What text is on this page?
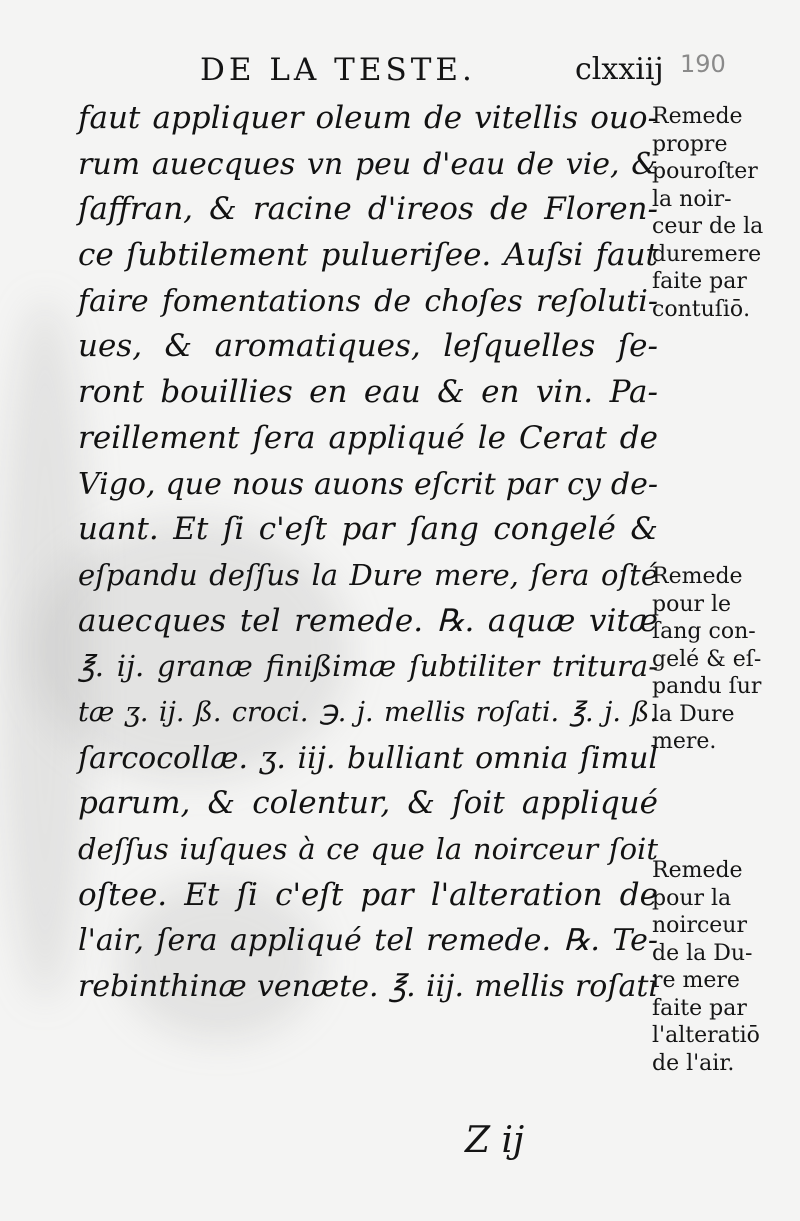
DE LA TESTE.	clxxiij 190
faut appliquer oleum de vitellis ouo-
rum auecques vn peu d'eau de vie, &
ſaffran, & racine d'ireos de Floren-
ce ſubtilement pulueriſee. Auſsi faut
faire fomentations de choſes reſoluti-
ues, & aromatiques, leſquelles ſe-
ront bouillies en eau & en vin. Pa-
reillement ſera appliqué le Cerat de
Vigo, que nous auons eſcrit par cy de-
uant. Et ſi c'eſt par ſang congelé &
eſpandu deſſus la Dure mere, ſera oſté
auecques tel remede. ℞. aquæ vitæ
℥. ij. granæ finißimæ ſubtiliter tritura-
tæ ʒ. ij. ß. croci. ℈. j. mellis roſati. ℥. j. ß.
ſarcocollæ. ʒ. iij. bulliant omnia ſimul
parum, & colentur, & ſoit appliqué
deſſus iuſques à ce que la noirceur ſoit
oſtee. Et ſi c'eſt par l'alteration de
l'air, ſera appliqué tel remede. ℞. Te-
rebinthinæ venæte. ℥. iij. mellis roſati
Remede
propre
pouroſter
la noir-
ceur de la
duremere
faite par
contuſiō.
Remede
pour le
ſang con-
gelé & eſ-
pandu ſur
la Dure
mere.
Remede
pour la
noirceur
de la Du-
re mere
faite par
l'alteratiō
de l'air.
Z ij
